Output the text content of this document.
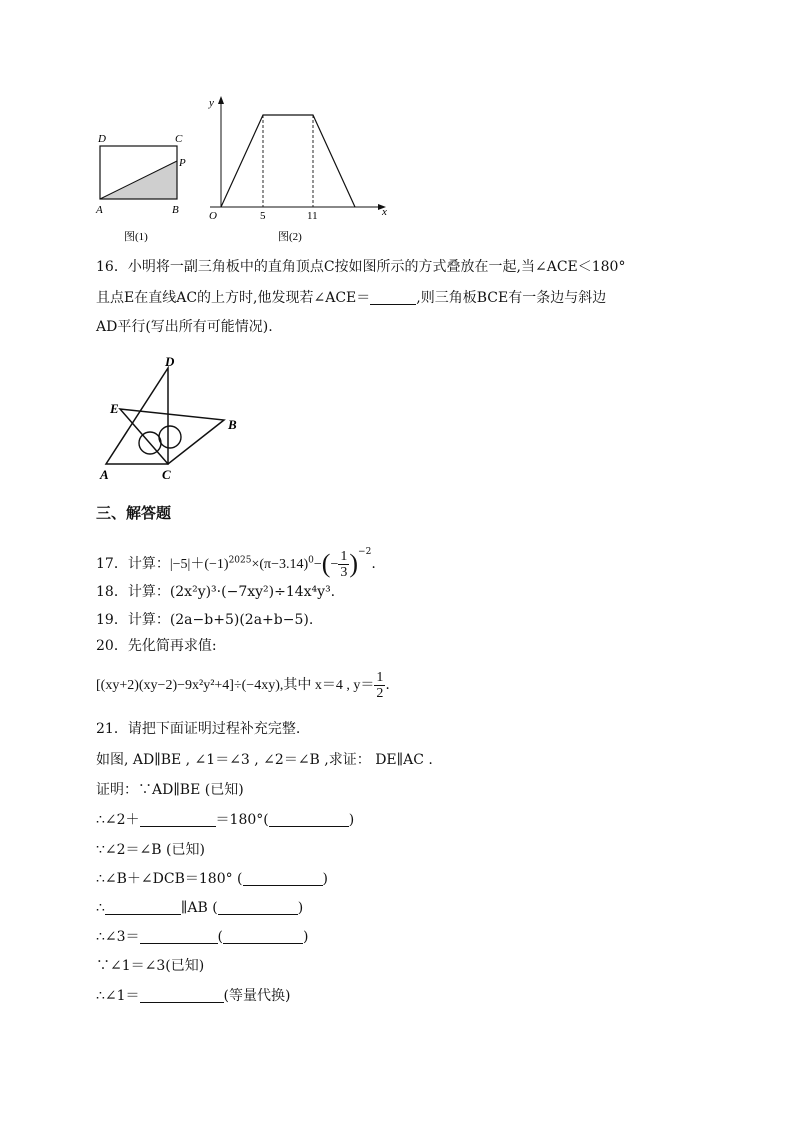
D	C
P
A	B
图(1)
y
x
O	5	11
图(2)
16．小明将一副三角板中的直角顶点C按如图所示的方式叠放在一起,当∠ACE＜180°
且点E在直线AC的上方时,他发现若∠ACE＝	,则三角板BCE有一条边与斜边
AD平行(写出所有可能情况).
D
E
B
A	C
三、解答题
17．计算：$|-5|+(-1)^{2025}\times(\pi-3.14)^0-(- \frac{1}{3} )^{-2}$.
18．计算：(2x²y)³·(−7xy²)÷14x⁴y³.
19．计算：(2a−b+5)(2a+b−5).
20．先化简再求值:
[(xy+2)(xy−2)−9x²y²+4]÷(−4xy),其中 x＝4 , $y= \frac{1}{2}$ .
21．请把下面证明过程补充完整.
如图, AD∥BE , ∠1＝∠3 , ∠2＝∠B ,求证： DE∥AC .
证明：∵AD∥BE (已知)
∴∠2＋	＝180°(	)
∵∠2＝∠B (已知)
∴∠B＋∠DCB＝180° (	)
∴	∥AB (	)
∴∠3＝	(	)
∵∠1＝∠3(已知)
∴∠1＝	(等量代换)
